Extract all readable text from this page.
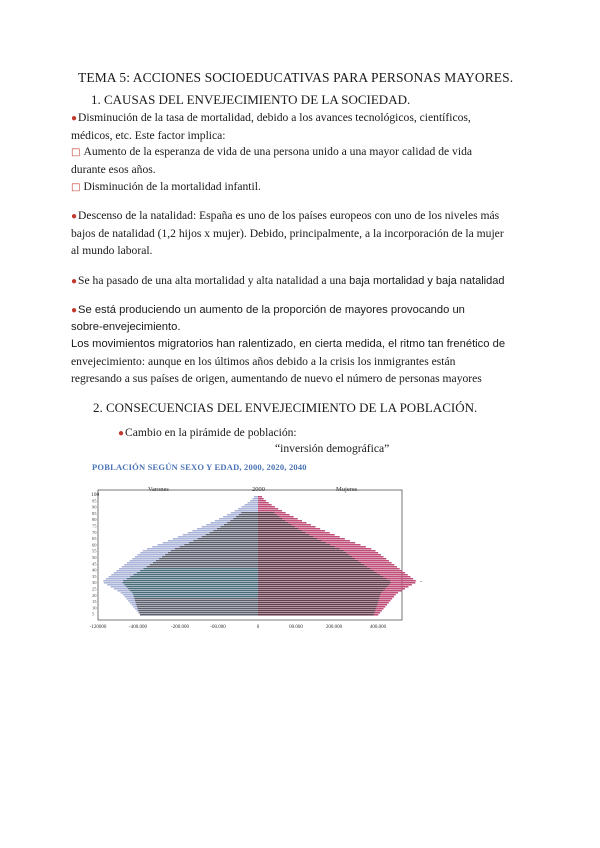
TEMA 5: ACCIONES SOCIOEDUCATIVAS PARA PERSONAS MAYORES.
1. CAUSAS DEL ENVEJECIMIENTO DE LA SOCIEDAD.
●Disminución de la tasa de mortalidad, debido a los avances tecnológicos, científicos,
médicos, etc. Este factor implica:
□ Aumento de la esperanza de vida de una persona unido a una mayor calidad de vida
durante esos años.
□ Disminución de la mortalidad infantil.
●Descenso de la natalidad: España es uno de los países europeos con uno de los niveles más
bajos de natalidad (1,2 hijos x mujer). Debido, principalmente, a la incorporación de la mujer
al mundo laboral.
●Se ha pasado de una alta mortalidad y alta natalidad a una baja mortalidad y baja natalidad
●Se está produciendo un aumento de la proporción de mayores provocando un
sobre-envejecimiento.
Los movimientos migratorios han ralentizado, en cierta medida, el ritmo tan frenético de
envejecimiento: aunque en los últimos años debido a la crisis los inmigrantes están
regresando a sus países de origen, aumentando de nuevo el número de personas mayores
2. CONSECUENCIAS DEL ENVEJECIMIENTO DE LA POBLACIÓN.
●Cambio en la pirámide de población:
“inversión demográfica”
POBLACIÓN SEGÚN SEXO Y EDAD, 2000, 2020, 2040
Varones	2000	Mujeres
100
95
90
85
80
75
70
65
60
55
50
45
40
35
30
25
20
15
10
5
-120000	-400.000	-200.000	-00.000	0	00.000	200.000	400.000
-
